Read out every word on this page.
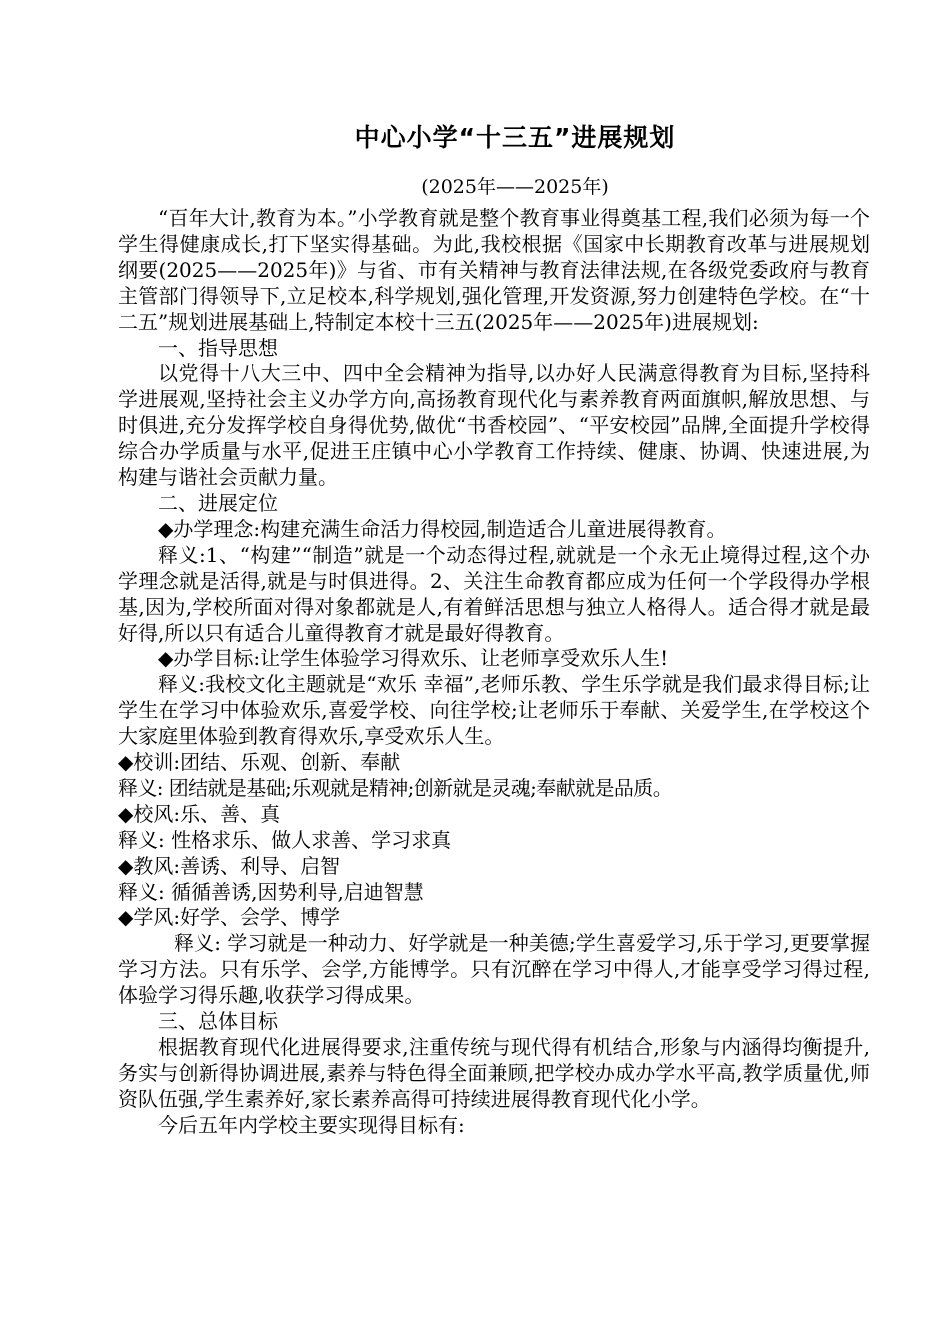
中心小学“十三五”进展规划
(2025年——2025年)

“百年大计,教育为本。”小学教育就是整个教育事业得奠基工程,我们必须为每一个学生得健康成长,打下坚实得基础。为此,我校根据《国家中长期教育改革与进展规划纲要(2025——2025年)》与省、市有关精神与教育法律法规,在各级党委政府与教育主管部门得领导下,立足校本,科学规划,强化管理,开发资源,努力创建特色学校。在“十二五”规划进展基础上,特制定本校十三五(2025年——2025年)进展规划:

一、指导思想

以党得十八大三中、四中全会精神为指导,以办好人民满意得教育为目标,坚持科学进展观,坚持社会主义办学方向,高扬教育现代化与素养教育两面旗帜,解放思想、与时俱进,充分发挥学校自身得优势,做优“书香校园”、“平安校园”品牌,全面提升学校得综合办学质量与水平,促进王庄镇中心小学教育工作持续、健康、协调、快速进展,为构建与谐社会贡献力量。

二、进展定位

◆办学理念:构建充满生命活力得校园,制造适合儿童进展得教育。

释义:1、“构建”“制造”就是一个动态得过程,就就是一个永无止境得过程,这个办学理念就是活得,就是与时俱进得。2、关注生命教育都应成为任何一个学段得办学根基,因为,学校所面对得对象都就是人,有着鲜活思想与独立人格得人。适合得才就是最好得,所以只有适合儿童得教育才就是最好得教育。

◆办学目标:让学生体验学习得欢乐、让老师享受欢乐人生!

释义:我校文化主题就是“欢乐 幸福”,老师乐教、学生乐学就是我们最求得目标;让学生在学习中体验欢乐,喜爱学校、向往学校;让老师乐于奉献、关爱学生,在学校这个大家庭里体验到教育得欢乐,享受欢乐人生。

◆校训:团结、乐观、创新、奉献

释义: 团结就是基础;乐观就是精神;创新就是灵魂;奉献就是品质。

◆校风:乐、善、真

释义: 性格求乐、做人求善、学习求真

◆教风:善诱、利导、启智

释义: 循循善诱,因势利导,启迪智慧

◆学风:好学、会学、博学

释义: 学习就是一种动力、好学就是一种美德;学生喜爱学习,乐于学习,更要掌握学习方法。只有乐学、会学,方能博学。只有沉醉在学习中得人,才能享受学习得过程,体验学习得乐趣,收获学习得成果。

三、总体目标

根据教育现代化进展得要求,注重传统与现代得有机结合,形象与内涵得均衡提升,务实与创新得协调进展,素养与特色得全面兼顾,把学校办成办学水平高,教学质量优,师资队伍强,学生素养好,家长素养高得可持续进展得教育现代化小学。

今后五年内学校主要实现得目标有:
